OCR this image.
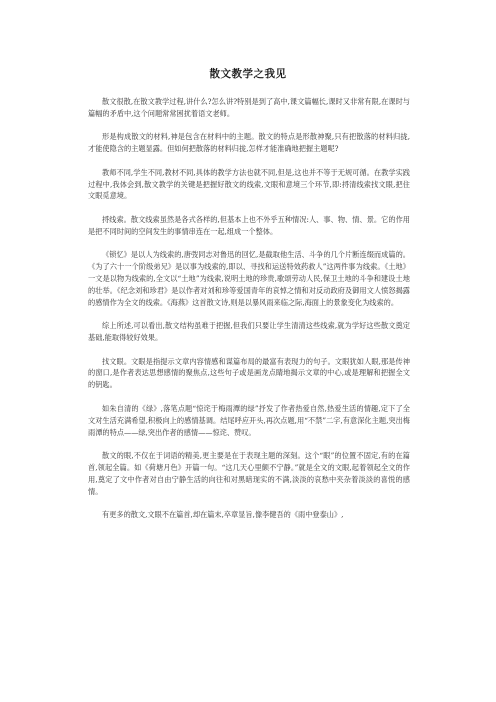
散文教学之我见

散文很散,在散文教学过程,讲什么?怎么讲?特别是到了高中,课文篇幅长,课时又非常有限,在课时与篇幅的矛盾中,这个问题常常困扰着语文老师。

形是构成散文的材料,神是包含在材料中的主题。散文的特点是形散神聚,只有把散落的材料归拢,才能使隐含的主题显露。但如何把散落的材料归拢,怎样才能准确地把握主题呢?

教师不同,学生不同,教材不同,具体的教学方法也就不同,但是,这也并不等于无规可循。在教学实践过程中,我体会到,散文教学的关键是把握好散文的线索,文眼和意境三个环节,即:捋清线索找文眼,把住文眼觅意境。

捋线索。散文线索虽然是各式各样的,但基本上也不外乎五种情况:人、事、物、情、景。它的作用是把不同时间的空间发生的事情串连在一起,组成一个整体。

《锁忆》是以人为线索的,唐弢同志对鲁迅的回忆,是截取他生活、斗争的几个片断连缀而成篇的。《为了六十一个阶级弟兄》是以事为线索的,即以、寻找和运送特效药救人”这两件事为线索。《土地》一文是以物为线索的,全文以“土地”为线索,说明土地的珍贵,歌颂劳动人民,保卫土地的斗争和建设土地的壮举。《纪念刘和珍君》是以作者对刘和珍等爱国青年的哀悼之情和对反动政府及御用文人愤怒揭露的感情作为全文的线索。《海燕》这首散文诗,则是以暴风雨来临之际,海面上的景象变化为线索的。

综上所述,可以看出,散文结构虽难于把握,但我们只要让学生清清这些线索,就为学好这些散文奠定基础,能取得较好效果。

找文眼。文眼是指提示文章内容情感和谋篇布局的最富有表现力的句子。文眼犹如人眼,那是传神的窗口,是作者表达思想感情的聚焦点,这些句子或是画龙点睛地揭示文章的中心,或是理解和把握全文的钥匙。

如朱自清的《绿》,落笔点题“惊诧于梅雨潭的绿”抒发了作者热爱自然,热爱生活的情趣,定下了全文对生活充满希望,积极向上的感情基调。结尾呼应开头,再次点题,用“不禁”二字,有意深化主题,突出梅雨潭的特点——绿,突出作者的感情——惊诧、赞叹。

散文的眼,不仅在于词语的精美,更主要是在于表现主题的深刻。这个“眼”的位置不固定,有的在篇首,领起全篇。如《荷塘月色》开篇一句。“这几天心里颇不宁静。”就是全文的文眼,起着领起全文的作用,奠定了文中作者对自由宁静生活的向往和对黑暗现实的不满,淡淡的哀愁中夹杂着淡淡的喜悦的感情。

有更多的散文,文眼不在篇首,却在篇末,卒章显旨,像李健吾的《雨中登泰山》,
